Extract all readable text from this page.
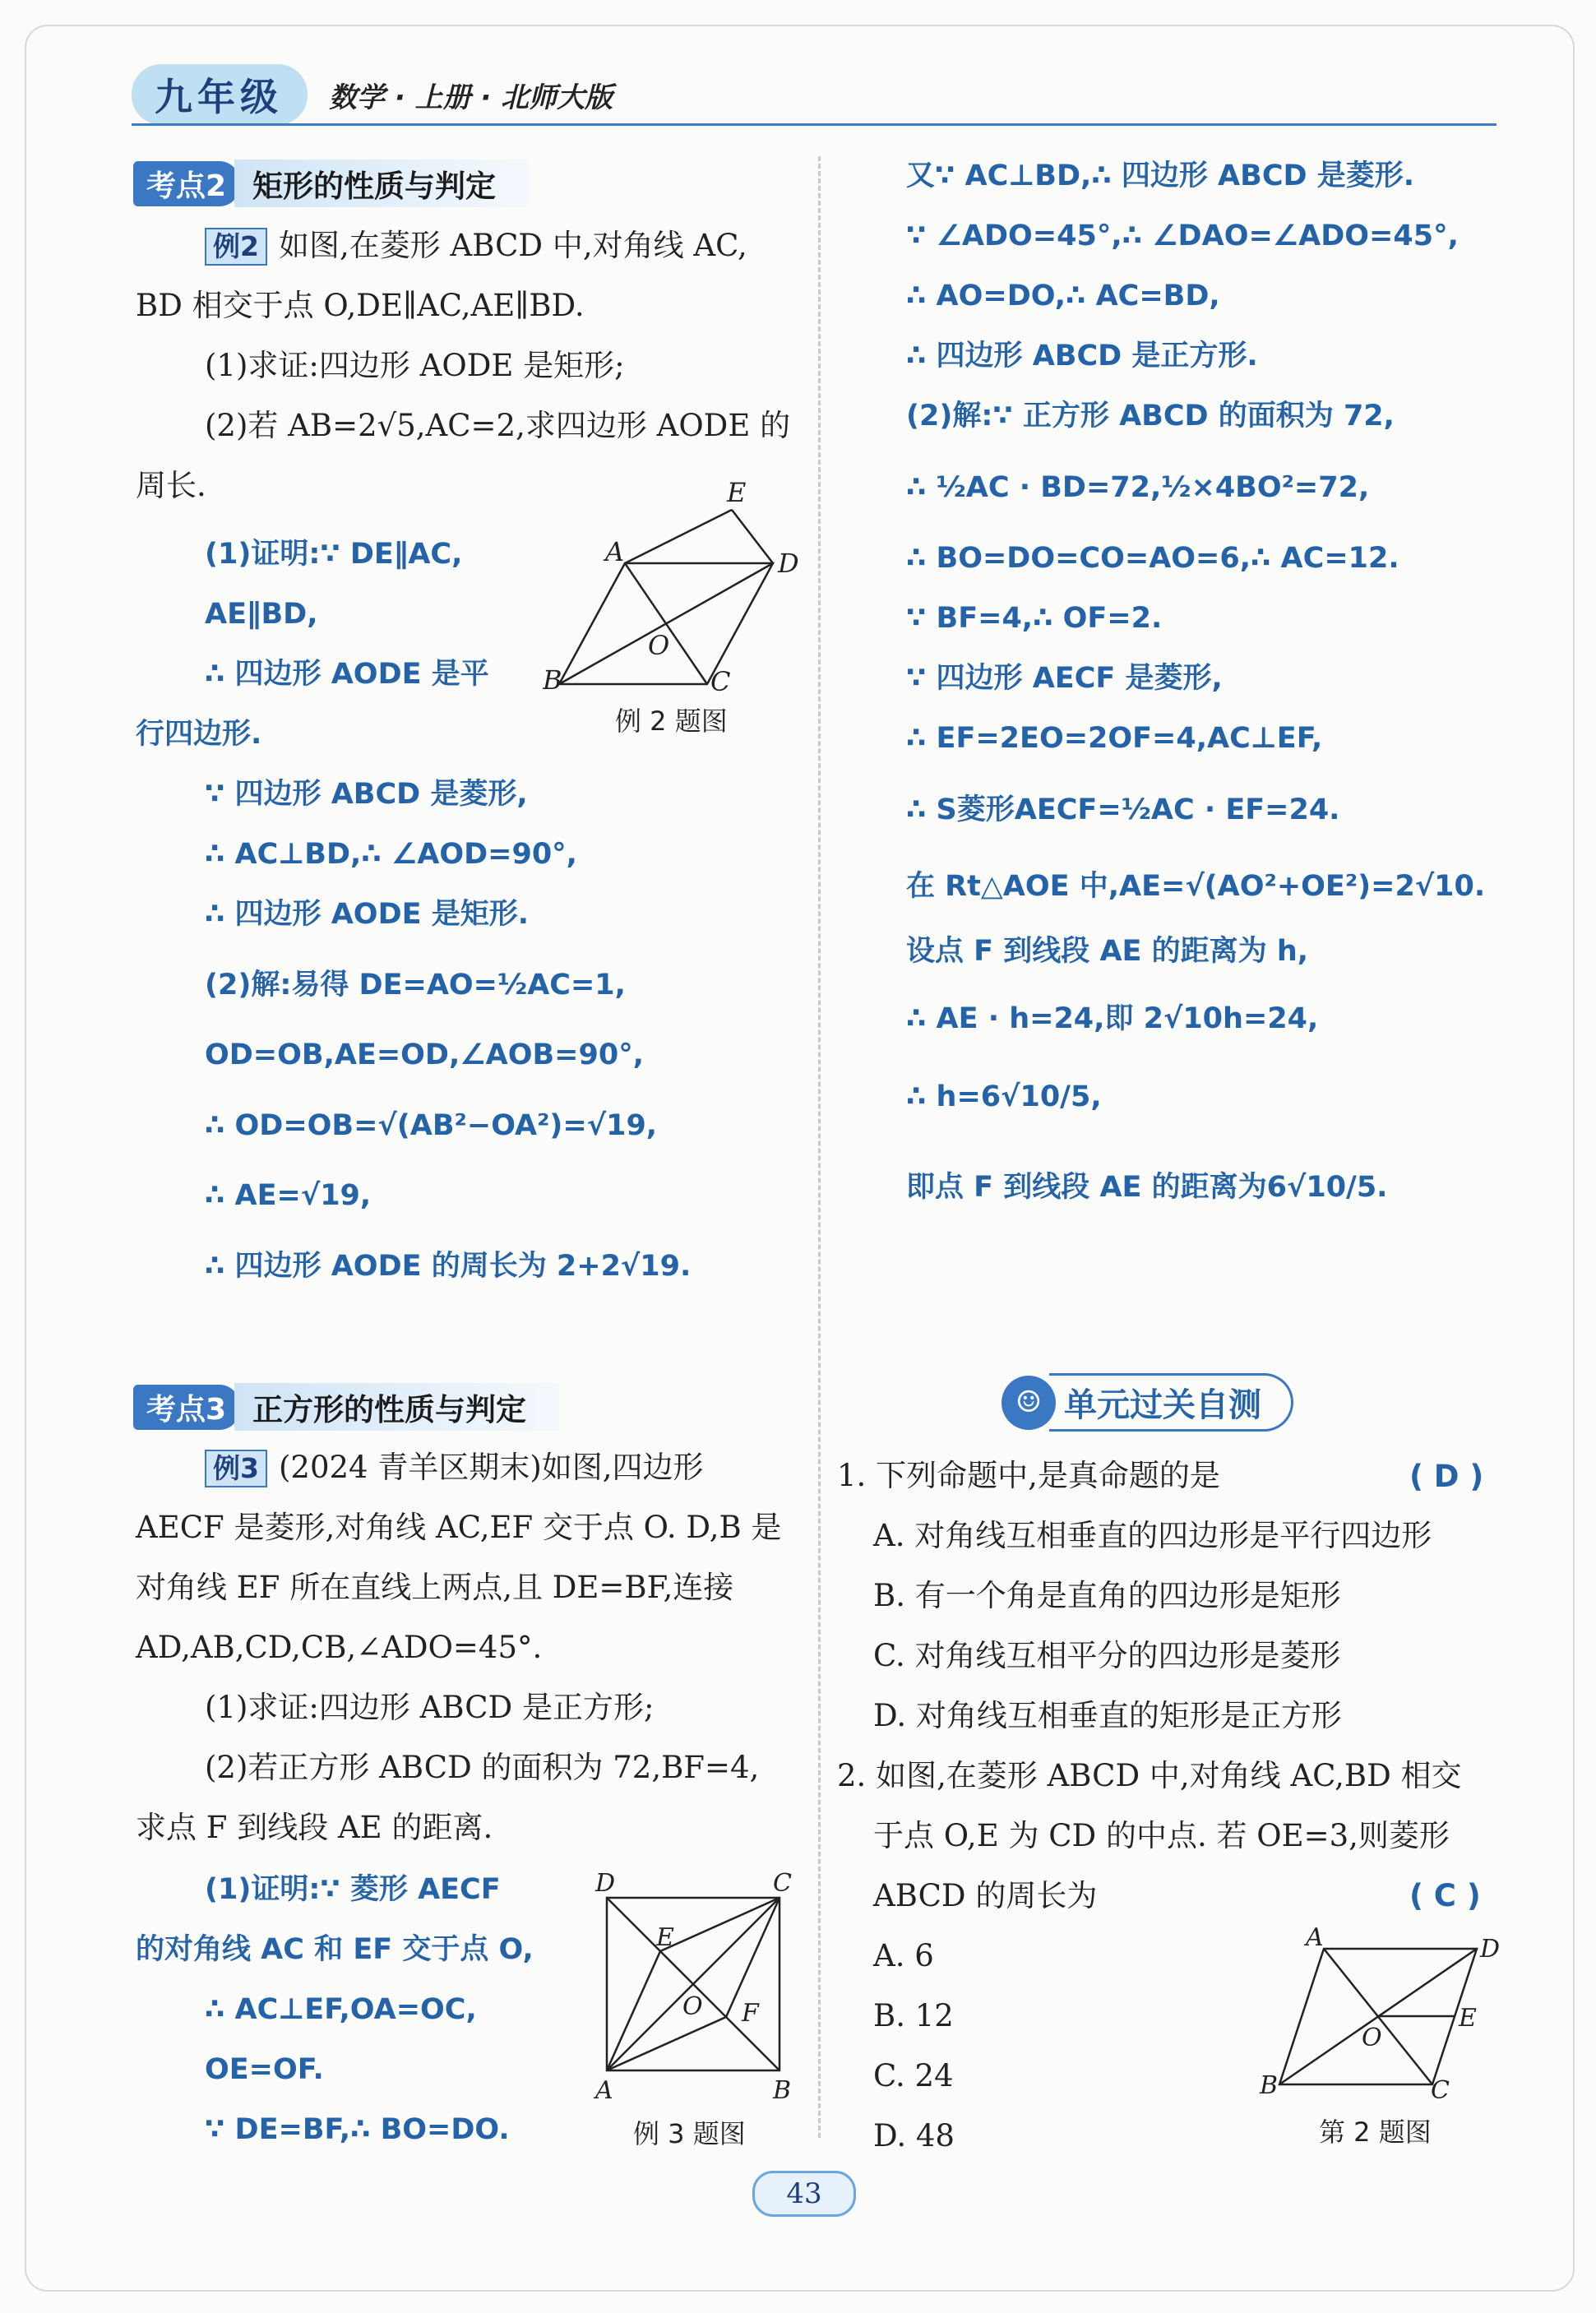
九年级	数学 · 上册 · 北师大版
考点2 矩形的性质与判定

例2 如图,在菱形 ABCD 中,对角线 AC,

BD 相交于点 O,DE∥AC,AE∥BD.

(1)求证:四边形 AODE 是矩形;

(2)若 AB=2√5,AC=2,求四边形 AODE 的

周长.

(1)证明:∵ DE∥AC,

AE∥BD,

∴ 四边形 AODE 是平

行四边形.

∵ 四边形 ABCD 是菱形,

∴ AC⊥BD,∴ ∠AOD=90°,

∴ 四边形 AODE 是矩形.

(2)解:易得 DE=AO=½AC=1,

OD=OB,AE=OD,∠AOB=90°,

∴ OD=OB=√(AB²−OA²)=√19,

∴ AE=√19,

∴ 四边形 AODE 的周长为 2+2√19.

A
B	C
D
E
O
例 2 题图

又∵ AC⊥BD,∴ 四边形 ABCD 是菱形.

∵ ∠ADO=45°,∴ ∠DAO=∠ADO=45°,

∴ AO=DO,∴ AC=BD,

∴ 四边形 ABCD 是正方形.

(2)解:∵ 正方形 ABCD 的面积为 72,

∴ ½AC · BD=72,½×4BO²=72,

∴ BO=DO=CO=AO=6,∴ AC=12.

∵ BF=4,∴ OF=2.

∵ 四边形 AECF 是菱形,

∴ EF=2EO=2OF=4,AC⊥EF,

∴ S菱形AECF=½AC · EF=24.

在 Rt△AOE 中,AE=√(AO²+OE²)=2√10.

设点 F 到线段 AE 的距离为 h,

∴ AE · h=24,即 2√10h=24,

∴ h=6√10/5,

即点 F 到线段 AE 的距离为6√10/5.

考点3 正方形的性质与判定

例3 (2024 青羊区期末)如图,四边形

AECF 是菱形,对角线 AC,EF 交于点 O. D,B 是

对角线 EF 所在直线上两点,且 DE=BF,连接

AD,AB,CD,CB,∠ADO=45°.

(1)求证:四边形 ABCD 是正方形;

(2)若正方形 ABCD 的面积为 72,BF=4,

求点 F 到线段 AE 的距离.

(1)证明:∵ 菱形 AECF

的对角线 AC 和 EF 交于点 O,

∴ AC⊥EF,OA=OC,

OE=OF.

∵ DE=BF,∴ BO=DO.

D	C
A	B
E
F
O
例 3 题图
☺ 单元过关自测

1. 下列命题中,是真命题的是

A. 对角线互相垂直的四边形是平行四边形

B. 有一个角是直角的四边形是矩形

C. 对角线互相平分的四边形是菱形

D. 对角线互相垂直的矩形是正方形

( D )

2. 如图,在菱形 ABCD 中,对角线 AC,BD 相交

于点 O,E 为 CD 的中点. 若 OE=3,则菱形

ABCD 的周长为

A. 6

B. 12

C. 24

D. 48

( C )
A	D
E
O
B	C
第 2 题图
43
